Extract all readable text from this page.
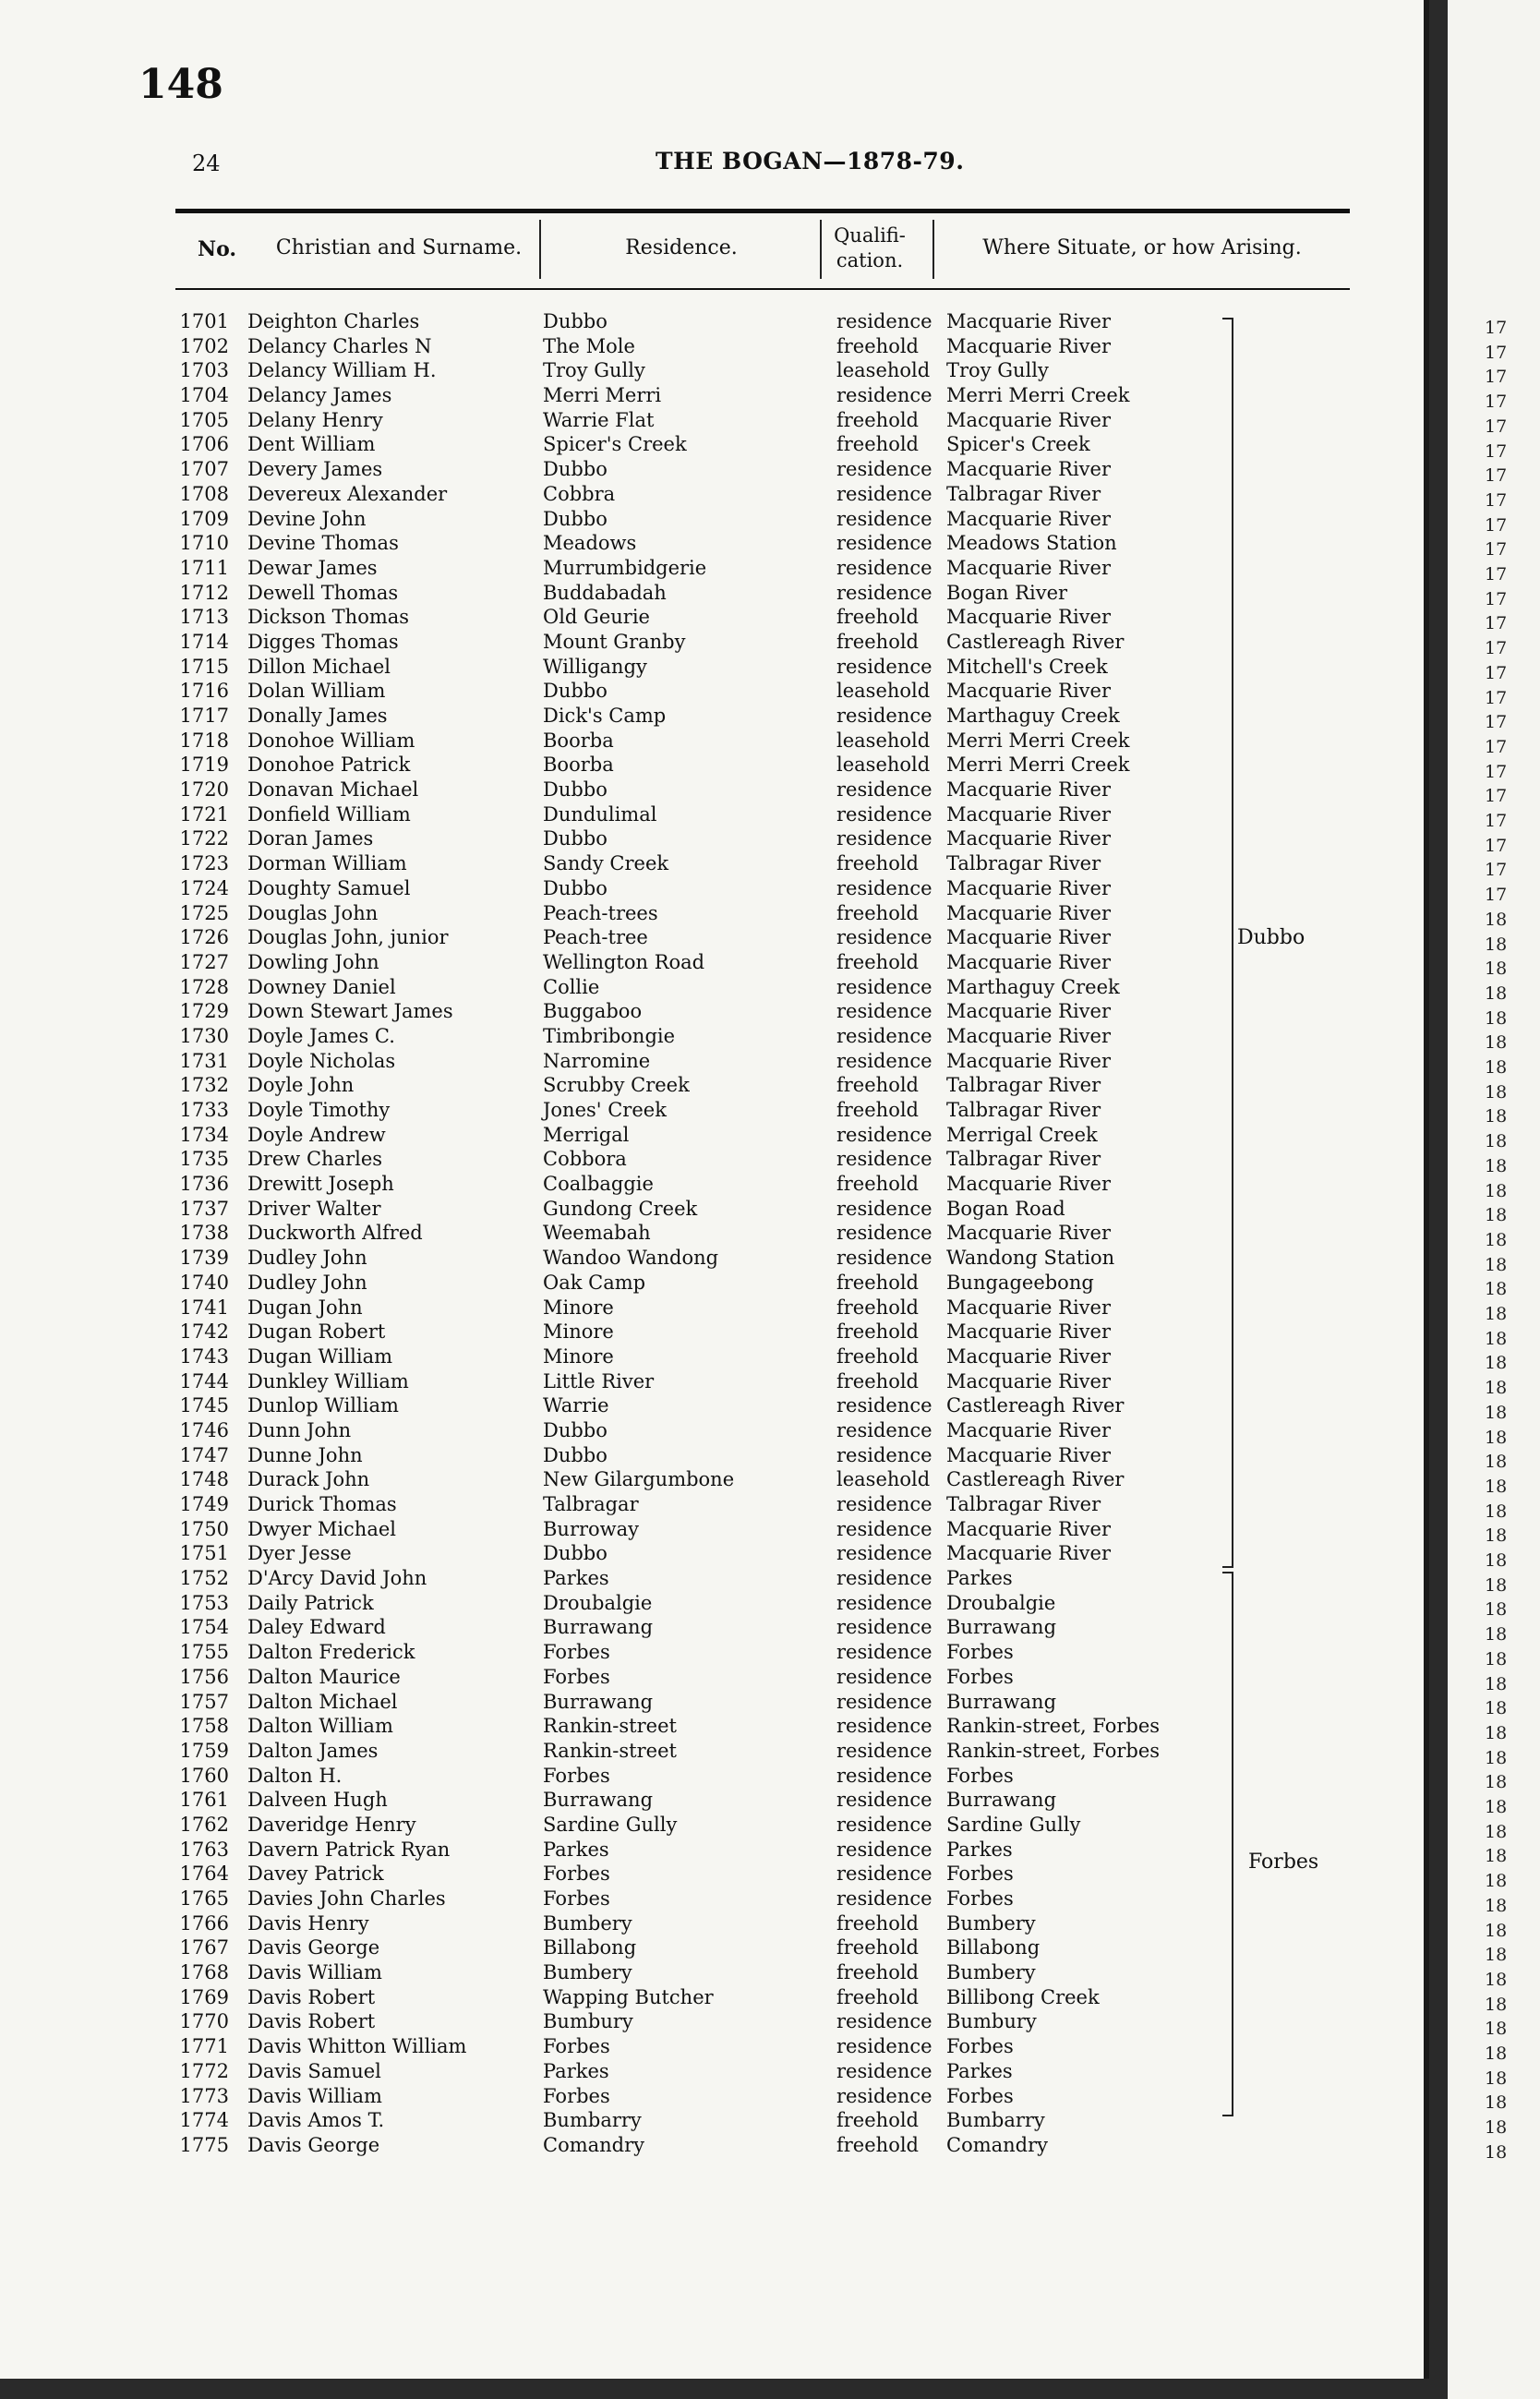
148
24	THE BOGAN—1878-79.
No.	Christian and Surname.	Residence.
Qualifi-
cation.
Where Situate, or how Arising.
1701 Deighton Charles	Dubbo	residence Macquarie River
1702 Delancy Charles N	The Mole	freehold Macquarie River
1703 Delancy William H.	Troy Gully	leasehold Troy Gully
1704 Delancy James	Merri Merri	residence Merri Merri Creek
1705 Delany Henry	Warrie Flat	freehold Macquarie River
1706 Dent William	Spicer's Creek	freehold Spicer's Creek
1707 Devery James	Dubbo	residence Macquarie River
1708 Devereux Alexander	Cobbra	residence Talbragar River
1709 Devine John	Dubbo	residence Macquarie River
1710 Devine Thomas	Meadows	residence Meadows Station
1711 Dewar James	Murrumbidgerie	residence Macquarie River
1712 Dewell Thomas	Buddabadah	residence Bogan River
1713 Dickson Thomas	Old Geurie	freehold Macquarie River
1714 Digges Thomas	Mount Granby	freehold Castlereagh River
1715 Dillon Michael	Willigangy	residence Mitchell's Creek
1716 Dolan William	Dubbo	leasehold Macquarie River
1717 Donally James	Dick's Camp	residence Marthaguy Creek
1718 Donohoe William	Boorba	leasehold Merri Merri Creek
1719 Donohoe Patrick	Boorba	leasehold Merri Merri Creek
1720 Donavan Michael	Dubbo	residence Macquarie River
1721 Donfield William	Dundulimal	residence Macquarie River
1722 Doran James	Dubbo	residence Macquarie River
1723 Dorman William	Sandy Creek	freehold Talbragar River
1724 Doughty Samuel	Dubbo	residence Macquarie River
1725 Douglas John	Peach-trees	freehold Macquarie River
1726 Douglas John, junior	Peach-tree	residence Macquarie River
1727 Dowling John	Wellington Road	freehold Macquarie River
1728 Downey Daniel	Collie	residence Marthaguy Creek
1729 Down Stewart James	Buggaboo	residence Macquarie River
1730 Doyle James C.	Timbribongie	residence Macquarie River
1731 Doyle Nicholas	Narromine	residence Macquarie River
1732 Doyle John	Scrubby Creek	freehold Talbragar River
1733 Doyle Timothy	Jones' Creek	freehold Talbragar River
1734 Doyle Andrew	Merrigal	residence Merrigal Creek
1735 Drew Charles	Cobbora	residence Talbragar River
1736 Drewitt Joseph	Coalbaggie	freehold Macquarie River
1737 Driver Walter	Gundong Creek	residence Bogan Road
1738 Duckworth Alfred	Weemabah	residence Macquarie River
1739 Dudley John	Wandoo Wandong	residence Wandong Station
1740 Dudley John	Oak Camp	freehold Bungageebong
1741 Dugan John	Minore	freehold Macquarie River
1742 Dugan Robert	Minore	freehold Macquarie River
1743 Dugan William	Minore	freehold Macquarie River
1744 Dunkley William	Little River	freehold Macquarie River
1745 Dunlop William	Warrie	residence Castlereagh River
1746 Dunn John	Dubbo	residence Macquarie River
1747 Dunne John	Dubbo	residence Macquarie River
1748 Durack John	New Gilargumbone	leasehold Castlereagh River
1749 Durick Thomas	Talbragar	residence Talbragar River
1750 Dwyer Michael	Burroway	residence Macquarie River
1751 Dyer Jesse	Dubbo	residence Macquarie River
1752 D'Arcy David John	Parkes	residence Parkes
1753 Daily Patrick	Droubalgie	residence Droubalgie
1754 Daley Edward	Burrawang	residence Burrawang
1755 Dalton Frederick	Forbes	residence Forbes
1756 Dalton Maurice	Forbes	residence Forbes
1757 Dalton Michael	Burrawang	residence Burrawang
1758 Dalton William	Rankin-street	residence Rankin-street, Forbes
1759 Dalton James	Rankin-street	residence Rankin-street, Forbes
1760 Dalton H.	Forbes	residence Forbes
1761 Dalveen Hugh	Burrawang	residence Burrawang
1762 Daveridge Henry	Sardine Gully	residence Sardine Gully
1763 Davern Patrick Ryan	Parkes	residence Parkes
1764 Davey Patrick	Forbes	residence Forbes
1765 Davies John Charles	Forbes	residence Forbes
1766 Davis Henry	Bumbery	freehold Bumbery
1767 Davis George	Billabong	freehold Billabong
1768 Davis William	Bumbery	freehold Bumbery
1769 Davis Robert	Wapping Butcher	freehold Billibong Creek
1770 Davis Robert	Bumbury	residence Bumbury
1771 Davis Whitton William	Forbes	residence Forbes
1772 Davis Samuel	Parkes	residence Parkes
1773 Davis William	Forbes	residence Forbes
1774 Davis Amos T.	Bumbarry	freehold Bumbarry
1775 Davis George	Comandry	freehold Comandry
Dubbo
Forbes
17
17
17
17
17
17
17
17
17
17
17
17
17
17
17
17
17
17
17
17
17
17
17
17
18
18
18
18
18
18
18
18
18
18
18
18
18
18
18
18
18
18
18
18
18
18
18
18
18
18
18
18
18
18
18
18
18
18
18
18
18
18
18
18
18
18
18
18
18
18
18
18
18
18
18
